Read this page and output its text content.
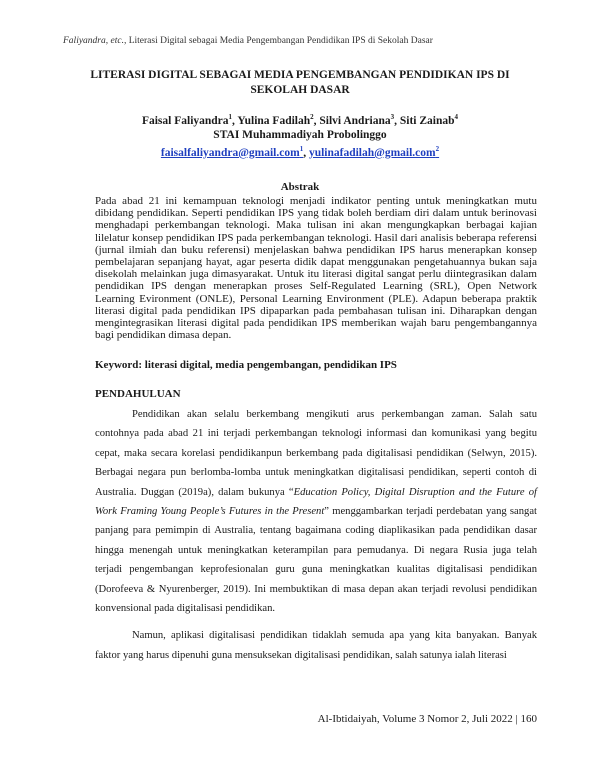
Faliyandra, etc., Literasi Digital sebagai Media Pengembangan Pendidikan IPS di Sekolah Dasar
LITERASI DIGITAL SEBAGAI MEDIA PENGEMBANGAN PENDIDIKAN IPS DI SEKOLAH DASAR
Faisal Faliyandra$^1$, Yulina Fadilah$^2$, Silvi Andriana$^3$, Siti Zainab$^4$
STAI Muhammadiyah Probolinggo
faisalfaliyandra@gmail.com$^1$, yulinafadilah@gmail.com$^2$
Abstrak

Pada abad 21 ini kemampuan teknologi menjadi indikator penting untuk meningkatkan mutu dibidang pendidikan. Seperti pendidikan IPS yang tidak boleh berdiam diri dalam untuk berinovasi menghadapi perkembangan teknologi. Maka tulisan ini akan mengungkapkan berbagai kajian lilelatur konsep pendidikan IPS pada perkembangan teknologi. Hasil dari analisis beberapa referensi (jurnal ilmiah dan buku referensi) menjelaskan bahwa pendidikan IPS harus menerapkan konsep pembelajaran sepanjang hayat, agar peserta didik dapat menggunakan pengetahuannya bukan saja disekolah melainkan juga dimasyarakat. Untuk itu literasi digital sangat perlu diintegrasikan dalam pendidikan IPS dengan menerapkan proses Self-Regulated Learning (SRL), Open Network Learning Evironment (ONLE), Personal Learning Environment (PLE). Adapun beberapa praktik literasi digital pada pendidikan IPS dipaparkan pada pembahasan tulisan ini. Diharapkan dengan mengintegrasikan literasi digital pada pendidikan IPS memberikan wajah baru pengembangannya bagi pendidikan dimasa depan.

Keyword: literasi digital, media pengembangan, pendidikan IPS
PENDAHULUAN

Pendidikan akan selalu berkembang mengikuti arus perkembangan zaman. Salah satu contohnya pada abad 21 ini terjadi perkembangan teknologi informasi dan komunikasi yang begitu cepat, maka secara korelasi pendidikanpun berkembang pada digitalisasi pendidikan (Selwyn, 2015). Berbagai negara pun berlomba-lomba untuk meningkatkan digitalisasi pendidikan, seperti contoh di Australia. Duggan (2019a), dalam bukunya “Education Policy, Digital Disruption and the Future of Work Framing Young People’s Futures in the Present” menggambarkan terjadi perdebatan yang sangat panjang para pemimpin di Australia, tentang bagaimana coding diaplikasikan pada pendidikan dasar hingga menengah untuk meningkatkan keterampilan para pemudanya. Di negara Rusia juga telah terjadi pengembangan keprofesionalan guru guna meningkatkan kualitas digitalisasi pendidikan (Dorofeeva & Nyurenberger, 2019). Ini membuktikan di masa depan akan terjadi revolusi pendidikan konvensional pada digitalisasi pendidikan.

Namun, aplikasi digitalisasi pendidikan tidaklah semuda apa yang kita banyakan. Banyak faktor yang harus dipenuhi guna mensuksekan digitalisasi pendidikan, salah satunya ialah literasi

Al-Ibtidaiyah, Volume 3 Nomor 2, Juli 2022 | 160
